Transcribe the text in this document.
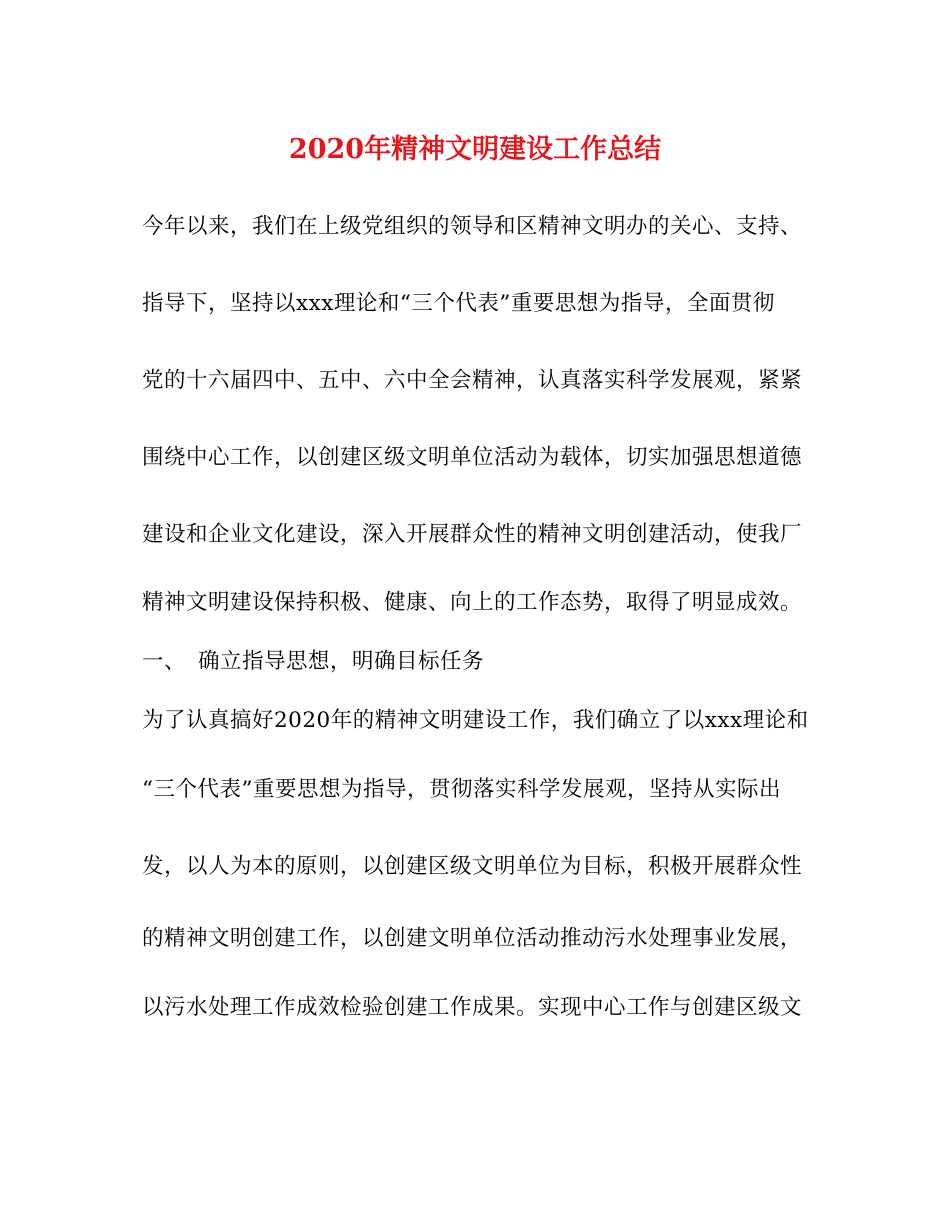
2020年精神文明建设工作总结
今年以来，我们在上级党组织的领导和区精神文明办的关心、支持、
指导下，坚持以xxx理论和“三个代表”重要思想为指导，全面贯彻
党的十六届四中、五中、六中全会精神，认真落实科学发展观，紧紧
围绕中心工作，以创建区级文明单位活动为载体，切实加强思想道德
建设和企业文化建设，深入开展群众性的精神文明创建活动，使我厂
精神文明建设保持积极、健康、向上的工作态势，取得了明显成效。
一、 确立指导思想，明确目标任务
为了认真搞好2020年的精神文明建设工作，我们确立了以xxx理论和
“三个代表”重要思想为指导，贯彻落实科学发展观，坚持从实际出
发，以人为本的原则，以创建区级文明单位为目标，积极开展群众性
的精神文明创建工作，以创建文明单位活动推动污水处理事业发展，
以污水处理工作成效检验创建工作成果。实现中心工作与创建区级文
